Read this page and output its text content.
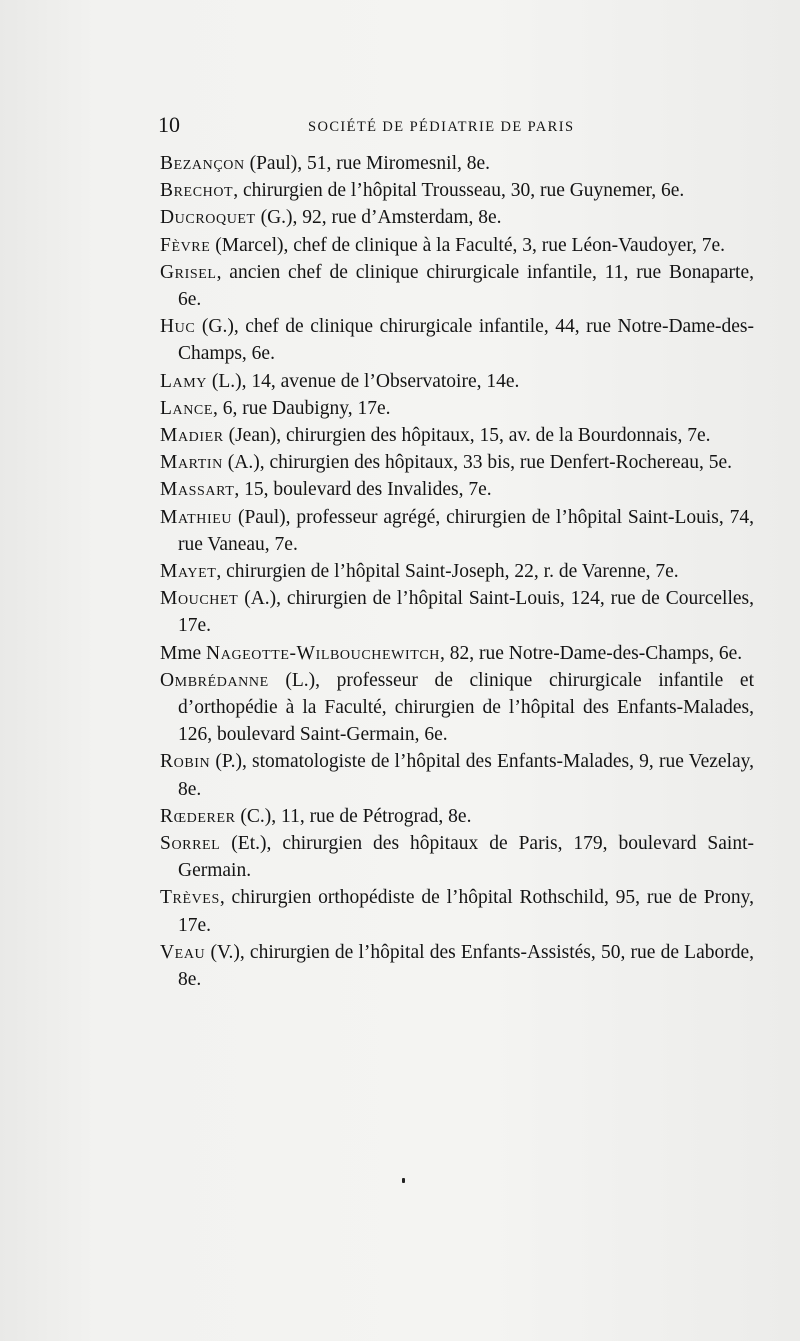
10	SOCIÉTÉ DE PÉDIATRIE DE PARIS

Bezançon (Paul), 51, rue Miromesnil, 8e.

Brechot, chirurgien de l’hôpital Trousseau, 30, rue Guynemer, 6e.

Ducroquet (G.), 92, rue d’Amsterdam, 8e.

Fèvre (Marcel), chef de clinique à la Faculté, 3, rue Léon-Vaudoyer, 7e.

Grisel, ancien chef de clinique chirurgicale infantile, 11, rue Bonaparte, 6e.

Huc (G.), chef de clinique chirurgicale infantile, 44, rue Notre-Dame-des-Champs, 6e.

Lamy (L.), 14, avenue de l’Observatoire, 14e.

Lance, 6, rue Daubigny, 17e.

Madier (Jean), chirurgien des hôpitaux, 15, av. de la Bourdonnais, 7e.

Martin (A.), chirurgien des hôpitaux, 33 bis, rue Denfert-Rochereau, 5e.

Massart, 15, boulevard des Invalides, 7e.

Mathieu (Paul), professeur agrégé, chirurgien de l’hôpital Saint-Louis, 74, rue Vaneau, 7e.

Mayet, chirurgien de l’hôpital Saint-Joseph, 22, r. de Varenne, 7e.

Mouchet (A.), chirurgien de l’hôpital Saint-Louis, 124, rue de Courcelles, 17e.

Mme Nageotte-Wilbouchewitch, 82, rue Notre-Dame-des-Champs, 6e.

Ombrédanne (L.), professeur de clinique chirurgicale infantile et d’orthopédie à la Faculté, chirurgien de l’hôpital des Enfants-Malades, 126, boulevard Saint-Germain, 6e.

Robin (P.), stomatologiste de l’hôpital des Enfants-Malades, 9, rue Vezelay, 8e.

Rœderer (C.), 11, rue de Pétrograd, 8e.

Sorrel (Et.), chirurgien des hôpitaux de Paris, 179, boulevard Saint-Germain.

Trèves, chirurgien orthopédiste de l’hôpital Rothschild, 95, rue de Prony, 17e.

Veau (V.), chirurgien de l’hôpital des Enfants-Assistés, 50, rue de Laborde, 8e.
